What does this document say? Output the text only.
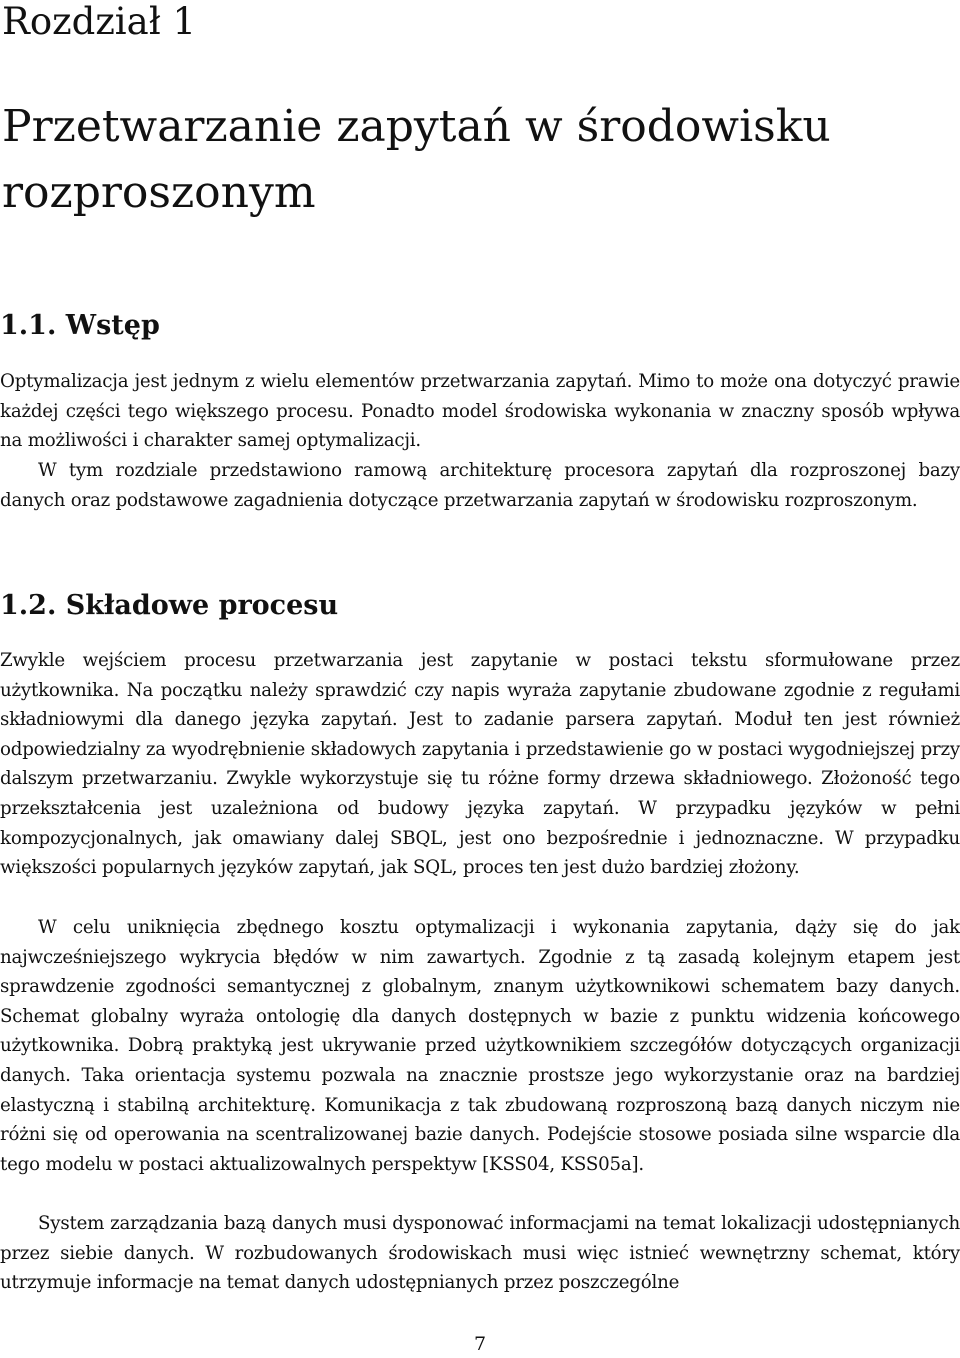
Rozdział 1
Przetwarzanie zapytań w środowisku rozproszonym
1.1. Wstęp

Optymalizacja jest jednym z wielu elementów przetwarzania zapytań. Mimo to może ona dotyczyć prawie każdej części tego większego procesu. Ponadto model środowiska wykonania w znaczny sposób wpływa na możliwości i charakter samej optymalizacji.

W tym rozdziale przedstawiono ramową architekturę procesora zapytań dla rozproszonej bazy danych oraz podstawowe zagadnienia dotyczące przetwarzania zapytań w środowisku rozproszonym.

1.2. Składowe procesu

Zwykle wejściem procesu przetwarzania jest zapytanie w postaci tekstu sformułowane przez użytkownika. Na początku należy sprawdzić czy napis wyraża zapytanie zbudowane zgodnie z regułami składniowymi dla danego języka zapytań. Jest to zadanie parsera zapytań. Moduł ten jest również odpowiedzialny za wyodrębnienie składowych zapytania i przedstawienie go w postaci wygodniejszej przy dalszym przetwarzaniu. Zwykle wykorzystuje się tu różne formy drzewa składniowego. Złożoność tego przekształcenia jest uzależniona od budowy języka zapytań. W przypadku języków w pełni kompozycjonalnych, jak omawiany dalej SBQL, jest ono bezpośrednie i jednoznaczne. W przypadku większości popularnych języków zapytań, jak SQL, proces ten jest dużo bardziej złożony.

W celu uniknięcia zbędnego kosztu optymalizacji i wykonania zapytania, dąży się do jak najwcześniejszego wykrycia błędów w nim zawartych. Zgodnie z tą zasadą kolejnym etapem jest sprawdzenie zgodności semantycznej z globalnym, znanym użytkownikowi schematem bazy danych. Schemat globalny wyraża ontologię dla danych dostępnych w bazie z punktu widzenia końcowego użytkownika. Dobrą praktyką jest ukrywanie przed użytkownikiem szczegółów dotyczących organizacji danych. Taka orientacja systemu pozwala na znacznie prostsze jego wykorzystanie oraz na bardziej elastyczną i stabilną architekturę. Komunikacja z tak zbudowaną rozproszoną bazą danych niczym nie różni się od operowania na scentralizowanej bazie danych. Podejście stosowe posiada silne wsparcie dla tego modelu w postaci aktualizowalnych perspektyw [KSS04, KSS05a].

System zarządzania bazą danych musi dysponować informacjami na temat lokalizacji udostępnianych przez siebie danych. W rozbudowanych środowiskach musi więc istnieć wewnętrzny schemat, który utrzymuje informacje na temat danych udostępnianych przez poszczególne

7
